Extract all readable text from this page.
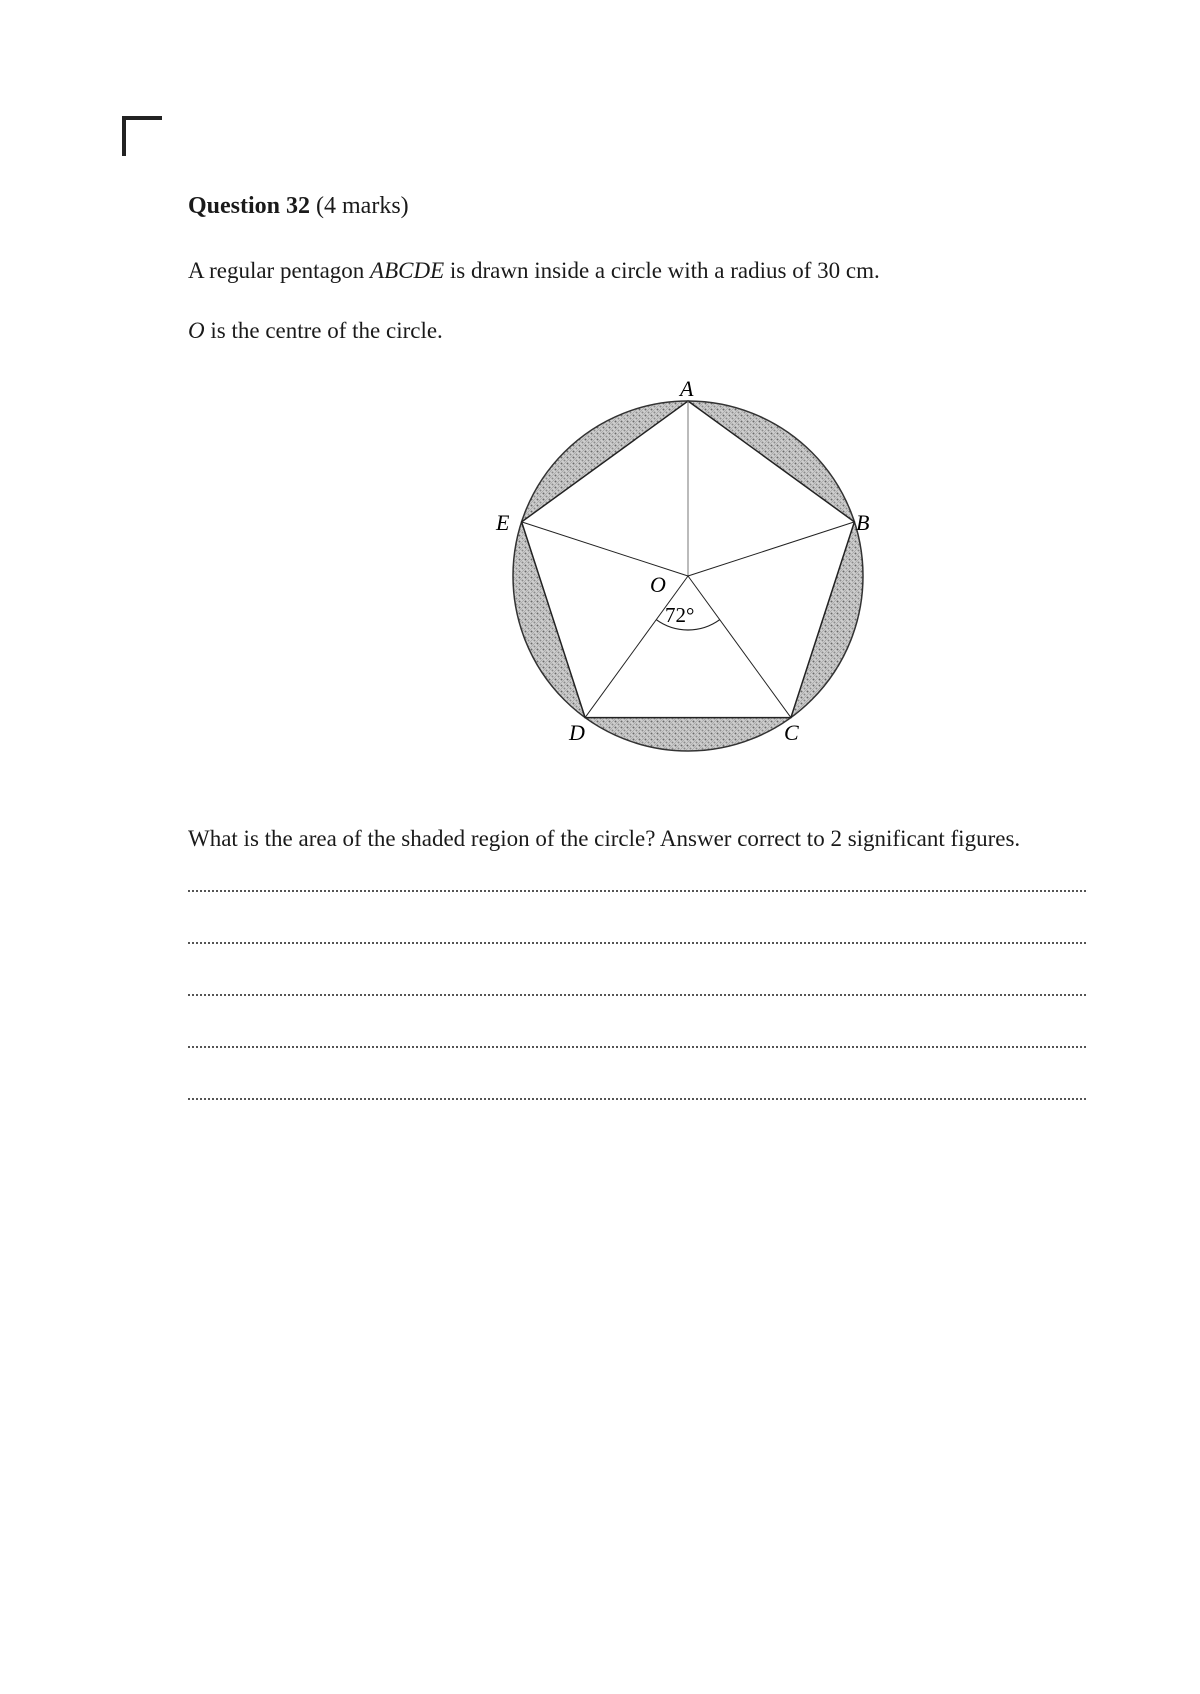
Question 32 (4 marks)

A regular pentagon ABCDE is drawn inside a circle with a radius of 30 cm.

O is the centre of the circle.

A
B
C
D
E
O
72°

What is the area of the shaded region of the circle? Answer correct to 2 significant figures.
